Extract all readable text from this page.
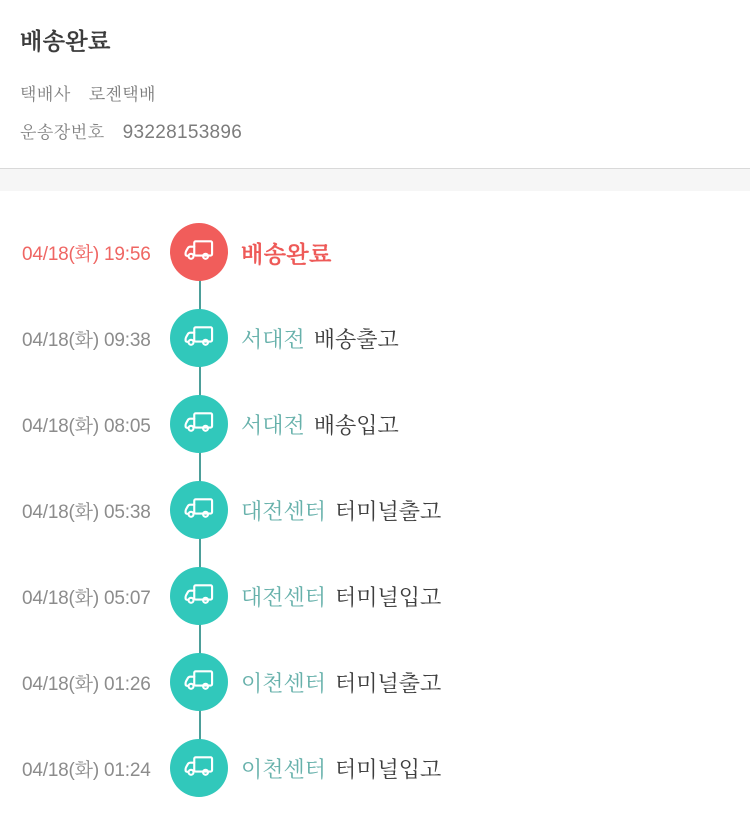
배송완료
택배사 로젠택배
운송장번호 93228153896
04/18(화) 19:56	배송완료
04/18(화) 09:38	서대전 배송출고
04/18(화) 08:05	서대전 배송입고
04/18(화) 05:38	대전센터 터미널출고
04/18(화) 05:07	대전센터 터미널입고
04/18(화) 01:26	이천센터 터미널출고
04/18(화) 01:24	이천센터 터미널입고
